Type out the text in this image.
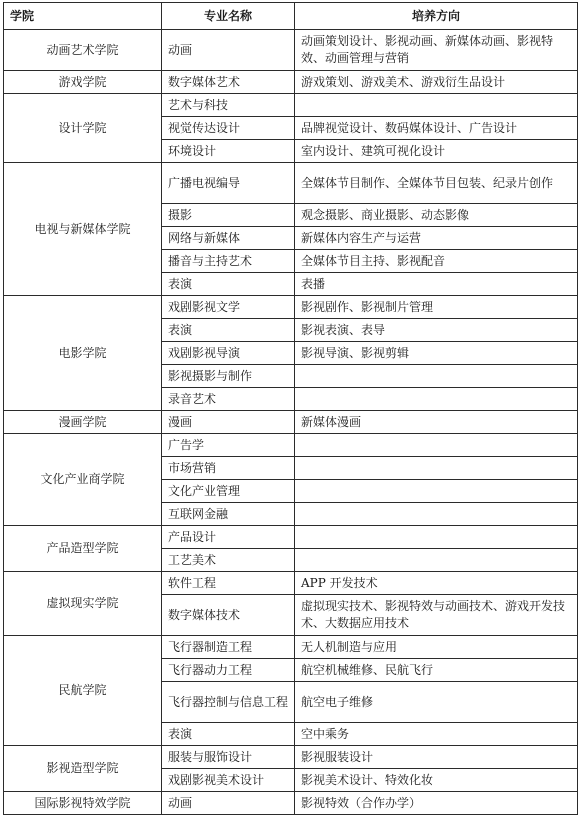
学院	专业名称	培养方向
动画艺术学院	动画	动画策划设计、影视动画、新媒体动画、影视特效、动画管理与营销
游戏学院	数字媒体艺术	游戏策划、游戏美术、游戏衍生品设计
设计学院	艺术与科技	
	视觉传达设计	品牌视觉设计、数码媒体设计、广告设计
	环境设计	室内设计、建筑可视化设计
电视与新媒体学院	广播电视编导	全媒体节目制作、全媒体节目包装、纪录片创作
	摄影	观念摄影、商业摄影、动态影像
	网络与新媒体	新媒体内容生产与运营
	播音与主持艺术	全媒体节目主持、影视配音
	表演	表播
电影学院	戏剧影视文学	影视剧作、影视制片管理
	表演	影视表演、表导
	戏剧影视导演	影视导演、影视剪辑
	影视摄影与制作	
	录音艺术	
漫画学院	漫画	新媒体漫画
文化产业商学院	广告学	
	市场营销	
	文化产业管理	
	互联网金融	
产品造型学院	产品设计	
	工艺美术	
虚拟现实学院	软件工程	APP 开发技术
	数字媒体技术	虚拟现实技术、影视特效与动画技术、游戏开发技术、大数据应用技术
民航学院	飞行器制造工程	无人机制造与应用
	飞行器动力工程	航空机械维修、民航飞行
	飞行器控制与信息工程	航空电子维修
	表演	空中乘务
影视造型学院	服装与服饰设计	影视服装设计
	戏剧影视美术设计	影视美术设计、特效化妆
国际影视特效学院	动画	影视特效（合作办学）
